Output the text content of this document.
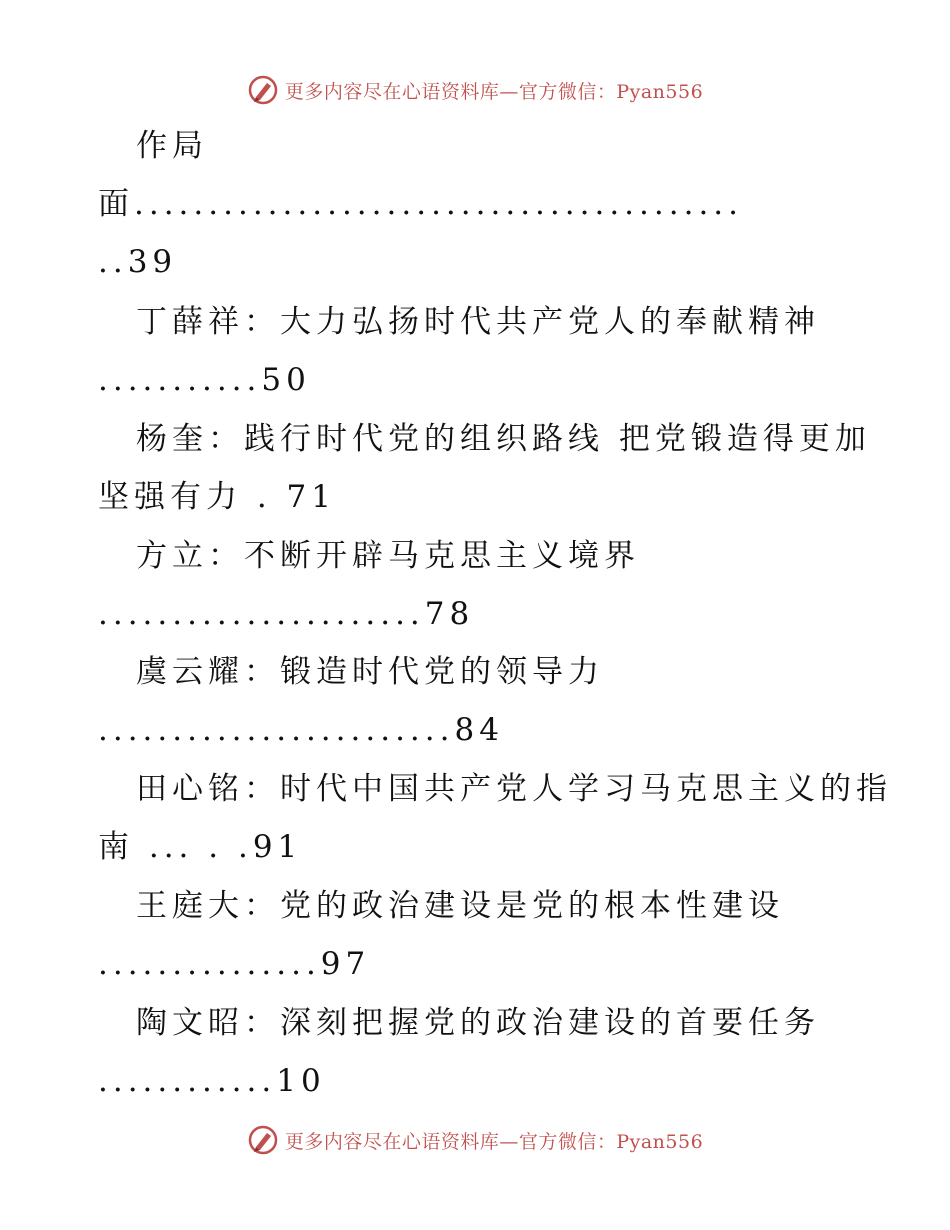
更多内容尽在心语资料库—官方微信：Pyan556
作局
面.........................................
..39
丁薛祥：大力弘扬时代共产党人的奉献精神
...........50
杨奎：践行时代党的组织路线 把党锻造得更加
坚强有力 . 71
方立：不断开辟马克思主义境界
......................78
虞云耀：锻造时代党的领导力
........................84
田心铭：时代中国共产党人学习马克思主义的指
南 ... . .91
王庭大：党的政治建设是党的根本性建设
...............97
陶文昭：深刻把握党的政治建设的首要任务
............10
更多内容尽在心语资料库—官方微信：Pyan556
